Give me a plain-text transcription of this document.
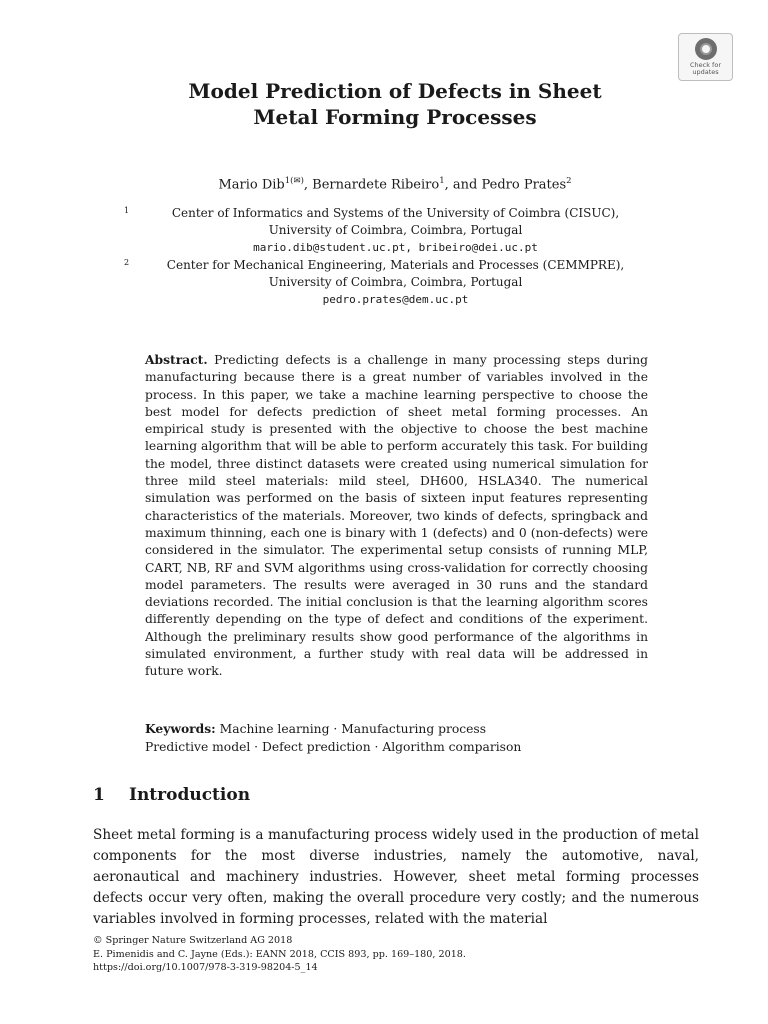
Check for
updates
Model Prediction of Defects in Sheet
Metal Forming Processes
Mario Dib$^{1(✉)}$, Bernardete Ribeiro$^1$, and Pedro Prates$^2$
1	Center of Informatics and Systems of the University of Coimbra (CISUC),
University of Coimbra, Coimbra, Portugal
mario.dib@student.uc.pt, bribeiro@dei.uc.pt
2	Center for Mechanical Engineering, Materials and Processes (CEMMPRE),
University of Coimbra, Coimbra, Portugal
pedro.prates@dem.uc.pt

Abstract. Predicting defects is a challenge in many processing steps during manufacturing because there is a great number of variables involved in the process. In this paper, we take a machine learning perspective to choose the best model for defects prediction of sheet metal forming processes. An empirical study is presented with the objective to choose the best machine learning algorithm that will be able to perform accurately this task. For building the model, three distinct datasets were created using numerical simulation for three mild steel materials: mild steel, DH600, HSLA340. The numerical simulation was performed on the basis of sixteen input features representing characteristics of the materials. Moreover, two kinds of defects, springback and maximum thinning, each one is binary with 1 (defects) and 0 (non-defects) were considered in the simulator. The experimental setup consists of running MLP, CART, NB, RF and SVM algorithms using cross-validation for correctly choosing model parameters. The results were averaged in 30 runs and the standard deviations recorded. The initial conclusion is that the learning algorithm scores differently depending on the type of defect and conditions of the experiment. Although the preliminary results show good performance of the algorithms in simulated environment, a further study with real data will be addressed in future work.

Keywords: Machine learning · Manufacturing process
Predictive model · Defect prediction · Algorithm comparison
1 Introduction

Sheet metal forming is a manufacturing process widely used in the production of metal components for the most diverse industries, namely the automotive, naval, aeronautical and machinery industries. However, sheet metal forming processes defects occur very often, making the overall procedure very costly; and the numerous variables involved in forming processes, related with the material

© Springer Nature Switzerland AG 2018
E. Pimenidis and C. Jayne (Eds.): EANN 2018, CCIS 893, pp. 169–180, 2018.
https://doi.org/10.1007/978-3-319-98204-5_14
